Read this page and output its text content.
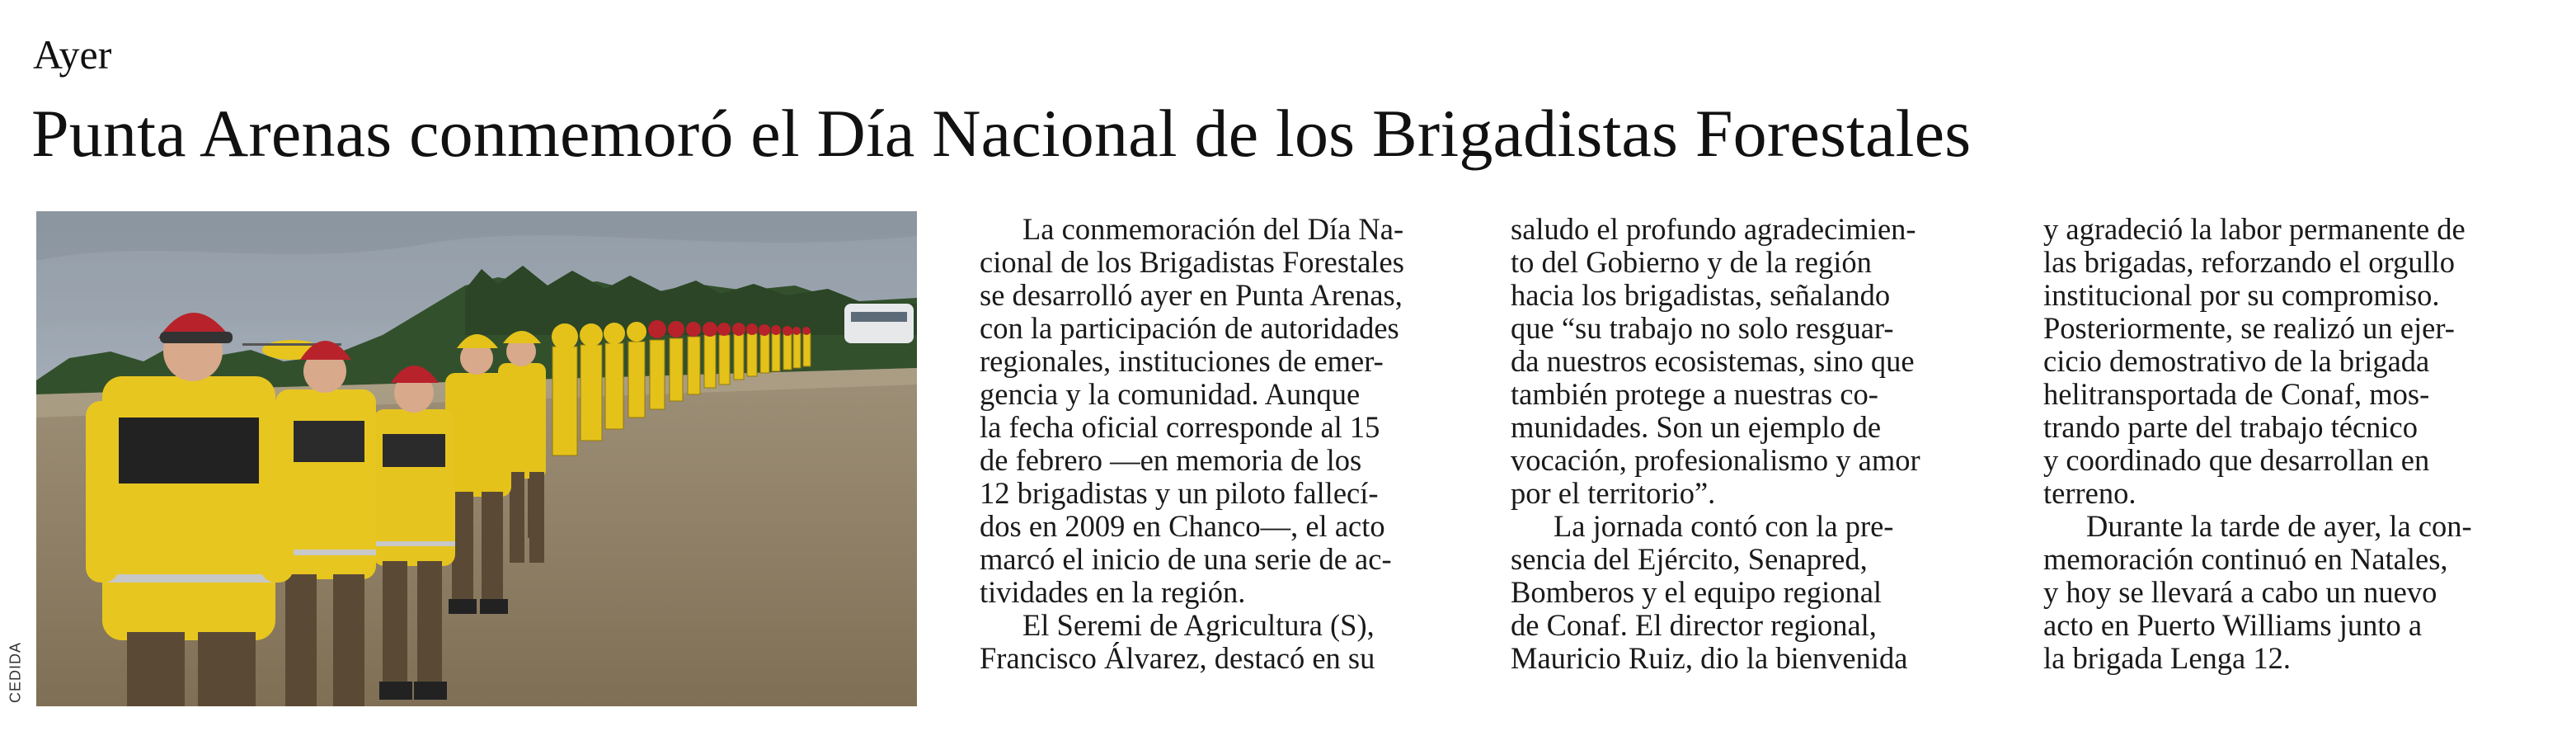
Ayer
Punta Arenas conmemoró el Día Nacional de los Brigadistas Forestales
CEDIDA

La conmemoración del Día Na-
cional de los Brigadistas Forestales
se desarrolló ayer en Punta Arenas,
con la participación de autoridades
regionales, instituciones de emer-
gencia y la comunidad. Aunque
la fecha oficial corresponde al 15
de febrero —en memoria de los
12 brigadistas y un piloto fallecí-
dos en 2009 en Chanco—, el acto
marcó el inicio de una serie de ac-
tividades en la región.

El Seremi de Agricultura (S),
Francisco Álvarez, destacó en su

saludo el profundo agradecimien-
to del Gobierno y de la región
hacia los brigadistas, señalando
que “su trabajo no solo resguar-
da nuestros ecosistemas, sino que
también protege a nuestras co-
munidades. Son un ejemplo de
vocación, profesionalismo y amor
por el territorio”.

La jornada contó con la pre-
sencia del Ejército, Senapred,
Bomberos y el equipo regional
de Conaf. El director regional,
Mauricio Ruiz, dio la bienvenida

y agradeció la labor permanente de
las brigadas, reforzando el orgullo
institucional por su compromiso.
Posteriormente, se realizó un ejer-
cicio demostrativo de la brigada
helitransportada de Conaf, mos-
trando parte del trabajo técnico
y coordinado que desarrollan en
terreno.

Durante la tarde de ayer, la con-
memoración continuó en Natales,
y hoy se llevará a cabo un nuevo
acto en Puerto Williams junto a
la brigada Lenga 12.
